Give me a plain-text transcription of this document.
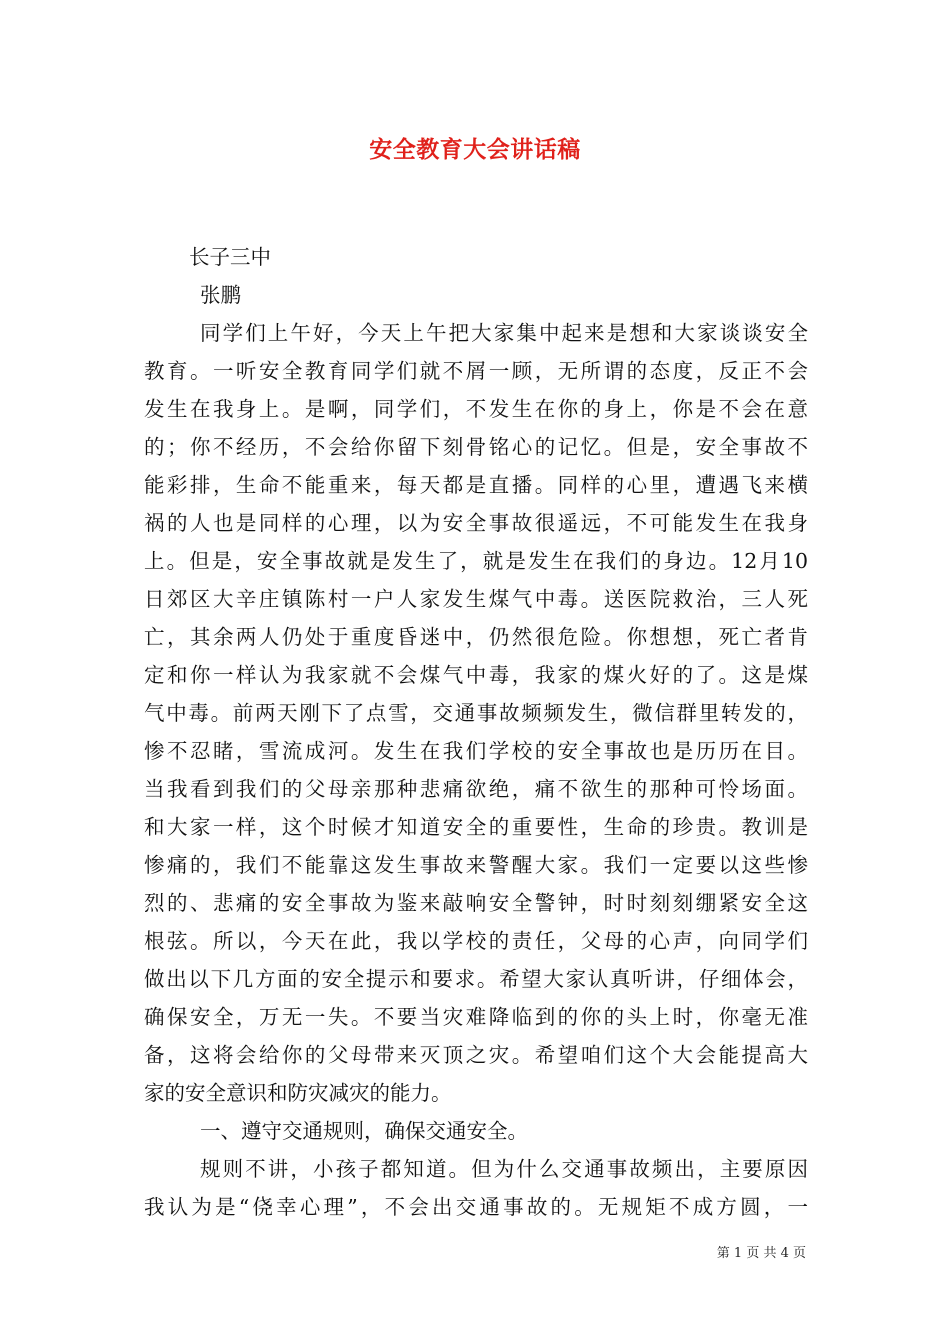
安全教育大会讲话稿
长子三中
张鹏
同学们上午好，今天上午把大家集中起来是想和大家谈谈安全
教育。一听安全教育同学们就不屑一顾，无所谓的态度，反正不会
发生在我身上。是啊，同学们，不发生在你的身上，你是不会在意
的；你不经历，不会给你留下刻骨铭心的记忆。但是，安全事故不
能彩排，生命不能重来，每天都是直播。同样的心里，遭遇飞来横
祸的人也是同样的心理，以为安全事故很遥远，不可能发生在我身
上。但是，安全事故就是发生了，就是发生在我们的身边。12月10
日郊区大辛庄镇陈村一户人家发生煤气中毒。送医院救治，三人死
亡，其余两人仍处于重度昏迷中，仍然很危险。你想想，死亡者肯
定和你一样认为我家就不会煤气中毒，我家的煤火好的了。这是煤
气中毒。前两天刚下了点雪，交通事故频频发生，微信群里转发的，
惨不忍睹，雪流成河。发生在我们学校的安全事故也是历历在目。
当我看到我们的父母亲那种悲痛欲绝，痛不欲生的那种可怜场面。
和大家一样，这个时候才知道安全的重要性，生命的珍贵。教训是
惨痛的，我们不能靠这发生事故来警醒大家。我们一定要以这些惨
烈的、悲痛的安全事故为鉴来敲响安全警钟，时时刻刻绷紧安全这
根弦。所以，今天在此，我以学校的责任，父母的心声，向同学们
做出以下几方面的安全提示和要求。希望大家认真听讲，仔细体会，
确保安全，万无一失。不要当灾难降临到的你的头上时，你毫无准
备，这将会给你的父母带来灭顶之灾。希望咱们这个大会能提高大
家的安全意识和防灾减灾的能力。
一、遵守交通规则，确保交通安全。
规则不讲，小孩子都知道。但为什么交通事故频出，主要原因
我认为是“侥幸心理”，不会出交通事故的。无规矩不成方圆，一
第 1 页 共 4 页
